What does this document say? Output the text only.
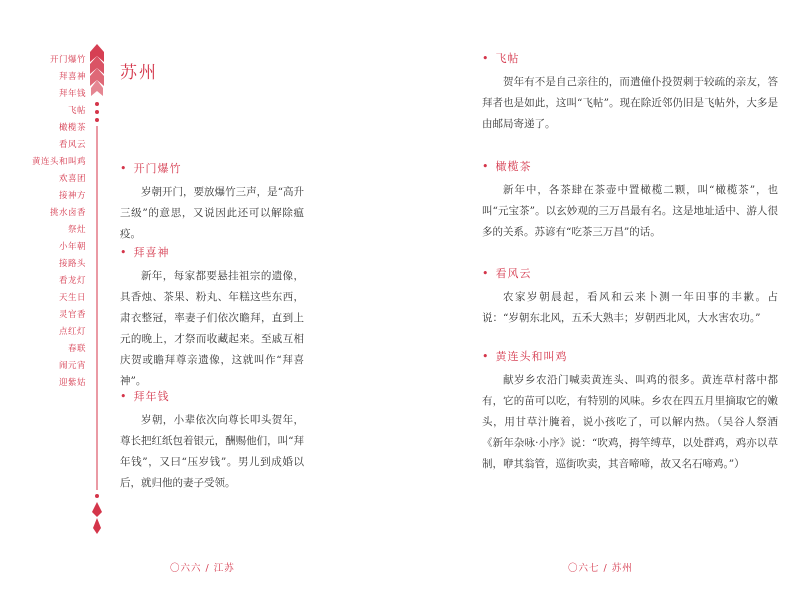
开门爆竹
拜喜神
拜年钱
飞帖
橄榄茶
看风云
黄连头和叫鸡
欢喜团
接神方
挑水卤香
祭灶
小年朝
接路头
看龙灯
天生日
灵官香
点红灯
春联
闹元宵
迎紫姑
苏州
• 开门爆竹

岁朝开门，要放爆竹三声，是“高升三级”的意思，又说因此还可以解除瘟疫。

• 拜喜神

新年，每家都要悬挂祖宗的遗像，具香烛、茶果、粉丸、年糕这些东西，肃衣整冠，率妻子们依次瞻拜，直到上元的晚上，才祭而收藏起来。至戚互相庆贺或瞻拜尊亲遗像，这就叫作“拜喜神”。

• 拜年钱

岁朝，小辈依次向尊长叩头贺年，尊长把红纸包着银元，酬赐他们，叫“拜年钱”，又曰“压岁钱”。男儿到成婚以后，就归他的妻子受领。

〇六六 / 江苏
• 飞帖

贺年有不是自己亲往的，而遣僮仆投贺刺于较疏的亲友，答拜者也是如此，这叫“飞帖”。现在除近邻仍旧是飞帖外，大多是由邮局寄递了。

• 橄榄茶

新年中，各茶肆在茶壶中置橄榄二颗，叫“橄榄茶”，也叫“元宝茶”。以玄妙观的三万昌最有名。这是地址适中、游人很多的关系。苏谚有“吃茶三万昌”的话。

• 看风云

农家岁朝晨起，看风和云来卜测一年田事的丰歉。占说：“岁朝东北风，五禾大熟丰；岁朝西北风，大水害农功。”

• 黄连头和叫鸡

献岁乡农沿门喊卖黄连头、叫鸡的很多。黄连草村落中都有，它的苗可以吃，有特别的风味。乡农在四五月里摘取它的嫩头，用甘草汁腌着，说小孩吃了，可以解内热。（吴谷人祭酒《新年杂咏·小序》说：“吹鸡，拇竿缚草，以处群鸡，鸡亦以草制，咿其翁管，巡街吹卖，其音啼啼，故又名石啼鸡。”）

〇六七 / 苏州
